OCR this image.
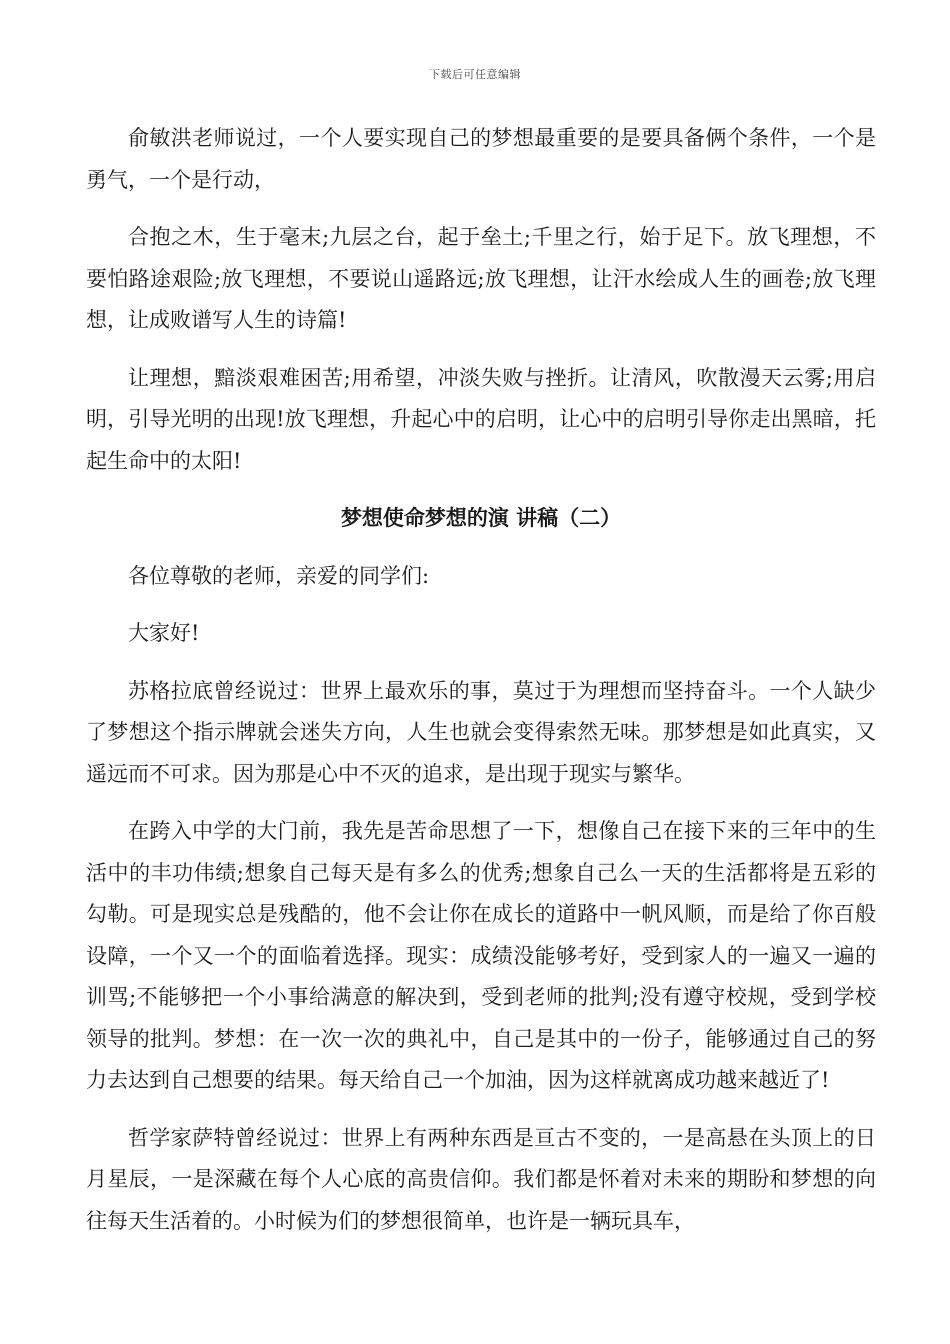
下载后可任意编辑

俞敏洪老师说过，一个人要实现自己的梦想最重要的是要具备俩个条件，一个是勇气，一个是行动，

合抱之木，生于毫末;九层之台，起于垒土;千里之行，始于足下。放飞理想，不要怕路途艰险;放飞理想，不要说山遥路远;放飞理想，让汗水绘成人生的画卷;放飞理想，让成败谱写人生的诗篇!

让理想，黯淡艰难困苦;用希望，冲淡失败与挫折。让清风，吹散漫天云雾;用启明，引导光明的出现!放飞理想，升起心中的启明，让心中的启明引导你走出黑暗，托起生命中的太阳!

梦想使命梦想的演 讲稿（二）

各位尊敬的老师，亲爱的同学们:

大家好!

苏格拉底曾经说过：世界上最欢乐的事，莫过于为理想而坚持奋斗。一个人缺少了梦想这个指示牌就会迷失方向，人生也就会变得索然无味。那梦想是如此真实，又遥远而不可求。因为那是心中不灭的追求，是出现于现实与繁华。

在跨入中学的大门前，我先是苦命思想了一下，想像自己在接下来的三年中的生活中的丰功伟绩;想象自己每天是有多么的优秀;想象自己么一天的生活都将是五彩的勾勒。可是现实总是残酷的，他不会让你在成长的道路中一帆风顺，而是给了你百般设障，一个又一个的面临着选择。现实：成绩没能够考好，受到家人的一遍又一遍的训骂;不能够把一个小事给满意的解决到，受到老师的批判;没有遵守校规，受到学校领导的批判。梦想：在一次一次的典礼中，自己是其中的一份子，能够通过自己的努力去达到自己想要的结果。每天给自己一个加油，因为这样就离成功越来越近了!

哲学家萨特曾经说过：世界上有两种东西是亘古不变的，一是高悬在头顶上的日月星辰，一是深藏在每个人心底的高贵信仰。我们都是怀着对未来的期盼和梦想的向往每天生活着的。小时候为们的梦想很简单，也许是一辆玩具车，
